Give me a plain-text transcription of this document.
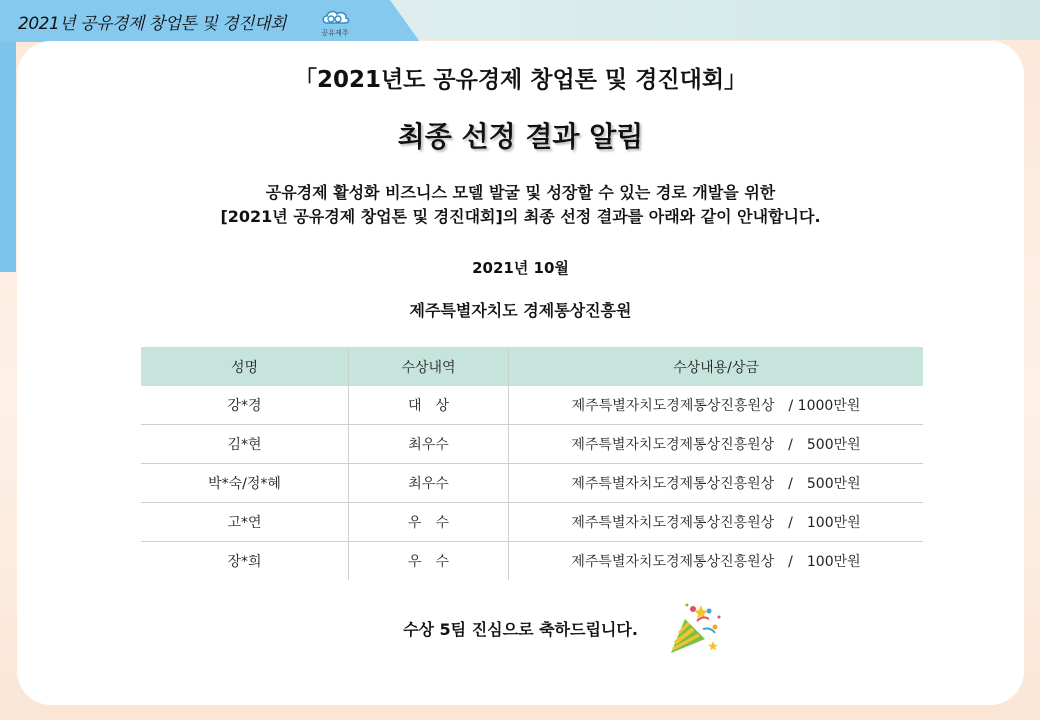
2021년 공유경제 창업톤 및 경진대회	공유제주
「2021년도 공유경제 창업톤 및 경진대회」
최종 선정 결과 알림
공유경제 활성화 비즈니스 모델 발굴 및 성장할 수 있는 경로 개발을 위한
[2021년 공유경제 창업톤 및 경진대회]의 최종 선정 결과를 아래와 같이 안내합니다.
2021년 10월
제주특별자치도 경제통상진흥원
성명	수상내역	수상내용/상금
강*경	대　상	제주특별자치도경제통상진흥원상　/ 1000만원
김*현	최우수	제주특별자치도경제통상진흥원상　/　500만원
박*숙/정*혜	최우수	제주특별자치도경제통상진흥원상　/　500만원
고*연	우　수	제주특별자치도경제통상진흥원상　/　100만원
장*희	우　수	제주특별자치도경제통상진흥원상　/　100만원
수상 5팀 진심으로 축하드립니다.
